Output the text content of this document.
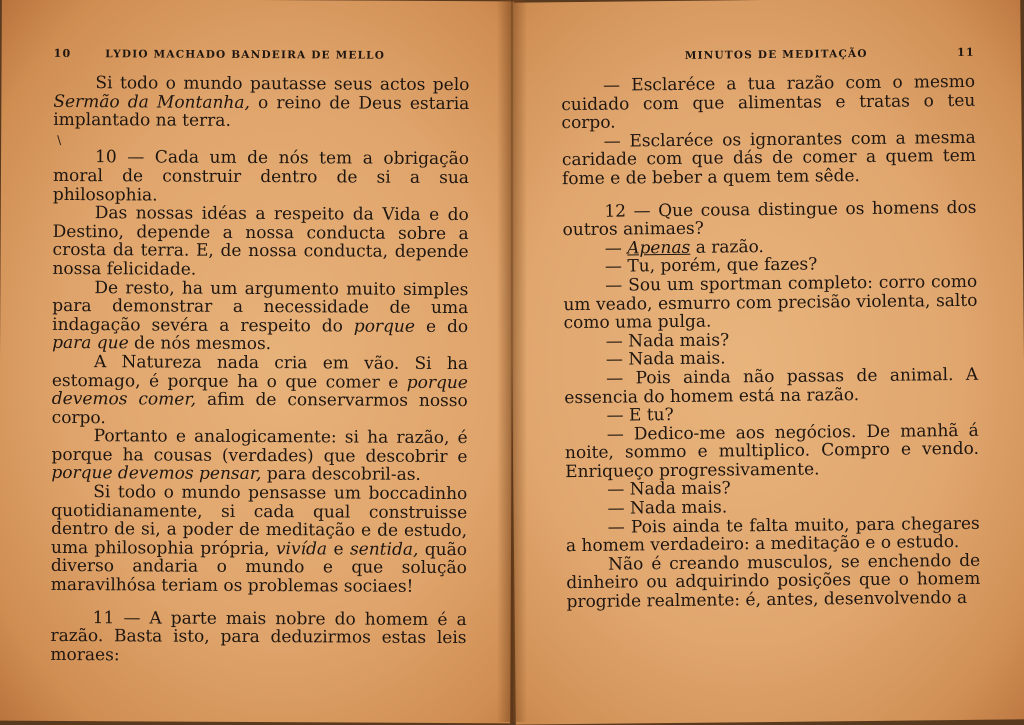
10	LYDIO MACHADO BANDEIRA DE MELLO

Si todo o mundo pautasse seus actos pelo Sermão da Montanha, o reino de Deus estaria implantado na terra.

\

10 — Cada um de nós tem a obrigação moral de construir dentro de si a sua philosophia.

Das nossas idéas a respeito da Vida e do Destino, depende a nossa conducta sobre a crosta da terra. E, de nossa conducta, depende nossa felicidade.

De resto, ha um argumento muito simples para demonstrar a necessidade de uma indagação sevéra a respeito do porque e do para que de nós mesmos.

A Natureza nada cria em vão. Si ha estomago, é porque ha o que comer e porque devemos comer, afim de conservarmos nosso corpo.

Portanto e analogicamente: si ha razão, é porque ha cousas (verdades) que descobrir e porque devemos pensar, para descobril-as.

Si todo o mundo pensasse um boccadinho quotidianamente, si cada qual construisse dentro de si, a poder de meditação e de estudo, uma philosophia própria, vivída e sentida, quão diverso andaria o mundo e que solução maravilhósa teriam os problemas sociaes!

11 — A parte mais nobre do homem é a razão. Basta isto, para deduzirmos estas leis moraes:

MINUTOS DE MEDITAÇÃO	11

— Esclaréce a tua razão com o mesmo cuidado com que alimentas e tratas o teu corpo.

— Esclaréce os ignorantes com a mesma caridade com que dás de comer a quem tem fome e de beber a quem tem sêde.

12 — Que cousa distingue os homens dos outros animaes?

— Apenas a razão.

— Tu, porém, que fazes?

— Sou um sportman completo: corro como um veado, esmurro com precisão violenta, salto como uma pulga.

— Nada mais?

— Nada mais.

— Pois ainda não passas de animal. A essencia do homem está na razão.

— E tu?

— Dedico-me aos negócios. De manhã á noite, sommo e multiplico. Compro e vendo. Enriqueço progressivamente.

— Nada mais?

— Nada mais.

— Pois ainda te falta muito, para chegares a homem verdadeiro: a meditação e o estudo.

Não é creando musculos, se enchendo de dinheiro ou adquirindo posições que o homem progride realmente: é, antes, desenvolvendo a
